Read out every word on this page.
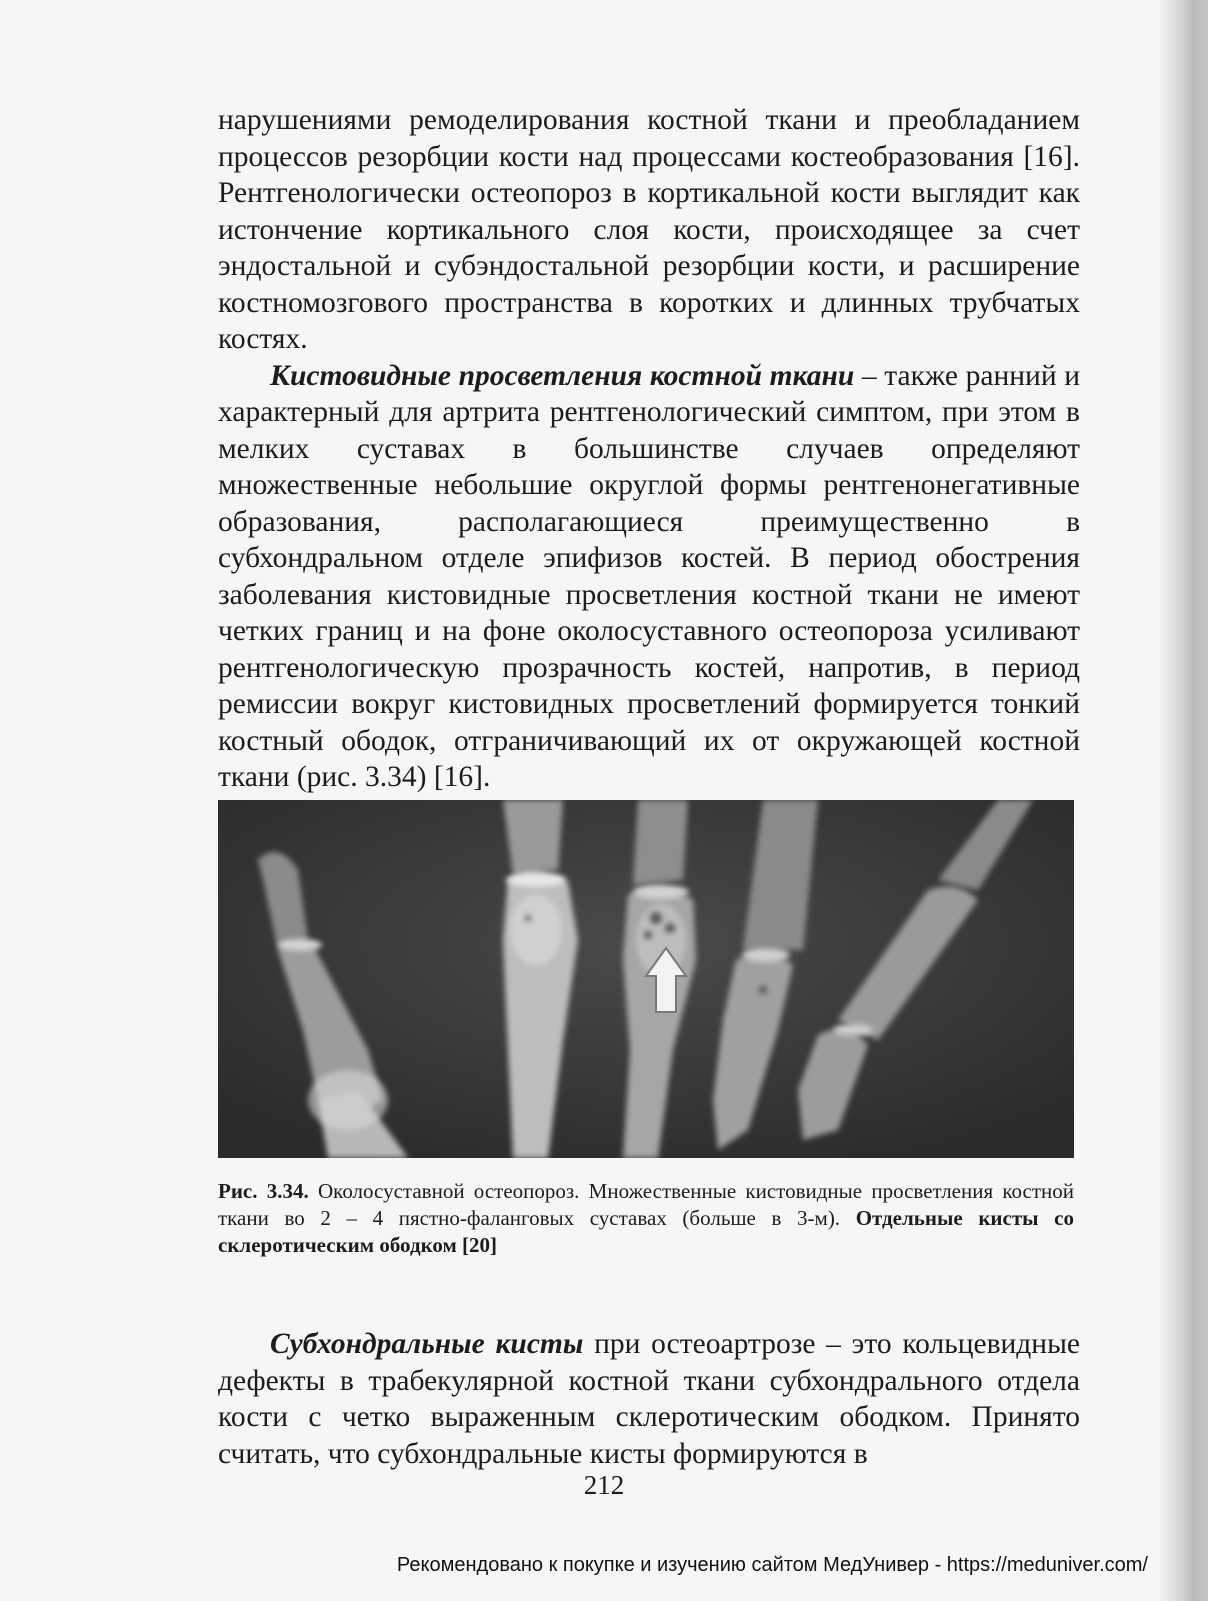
нарушениями ремоделирования костной ткани и преобладанием процессов резорбции кости над процессами костеобразования [16]. Рентгенологически остеопороз в кортикальной кости выглядит как истончение кортикального слоя кости, происходящее за счет эндостальной и субэндостальной резорбции кости, и расширение костномозгового пространства в коротких и длинных трубчатых костях.

Кистовидные просветления костной ткани – также ранний и характерный для артрита рентгенологический симптом, при этом в мелких суставах в большинстве случаев определяют множественные небольшие округлой формы рентгенонегативные образования, располагающиеся преимущественно в субхондральном отделе эпифизов костей. В период обострения заболевания кистовидные просветления костной ткани не имеют четких границ и на фоне околосуставного остеопороза усиливают рентгенологическую прозрачность костей, напротив, в период ремиссии вокруг кистовидных просветлений формируется тонкий костный ободок, отграничивающий их от окружающей костной ткани (рис. 3.34) [16].

Рис. 3.34. Околосуставной остеопороз. Множественные кистовидные просветления костной ткани во 2 – 4 пястно-фаланговых суставах (больше в 3-м). Отдельные кисты со склеротическим ободком [20]

Субхондральные кисты при остеоартрозе – это кольцевидные дефекты в трабекулярной костной ткани субхондрального отдела кости с четко выраженным склеротическим ободком. Принято считать, что субхондральные кисты формируются в

212
Рекомендовано к покупке и изучению сайтом МедУнивер - https://meduniver.com/
